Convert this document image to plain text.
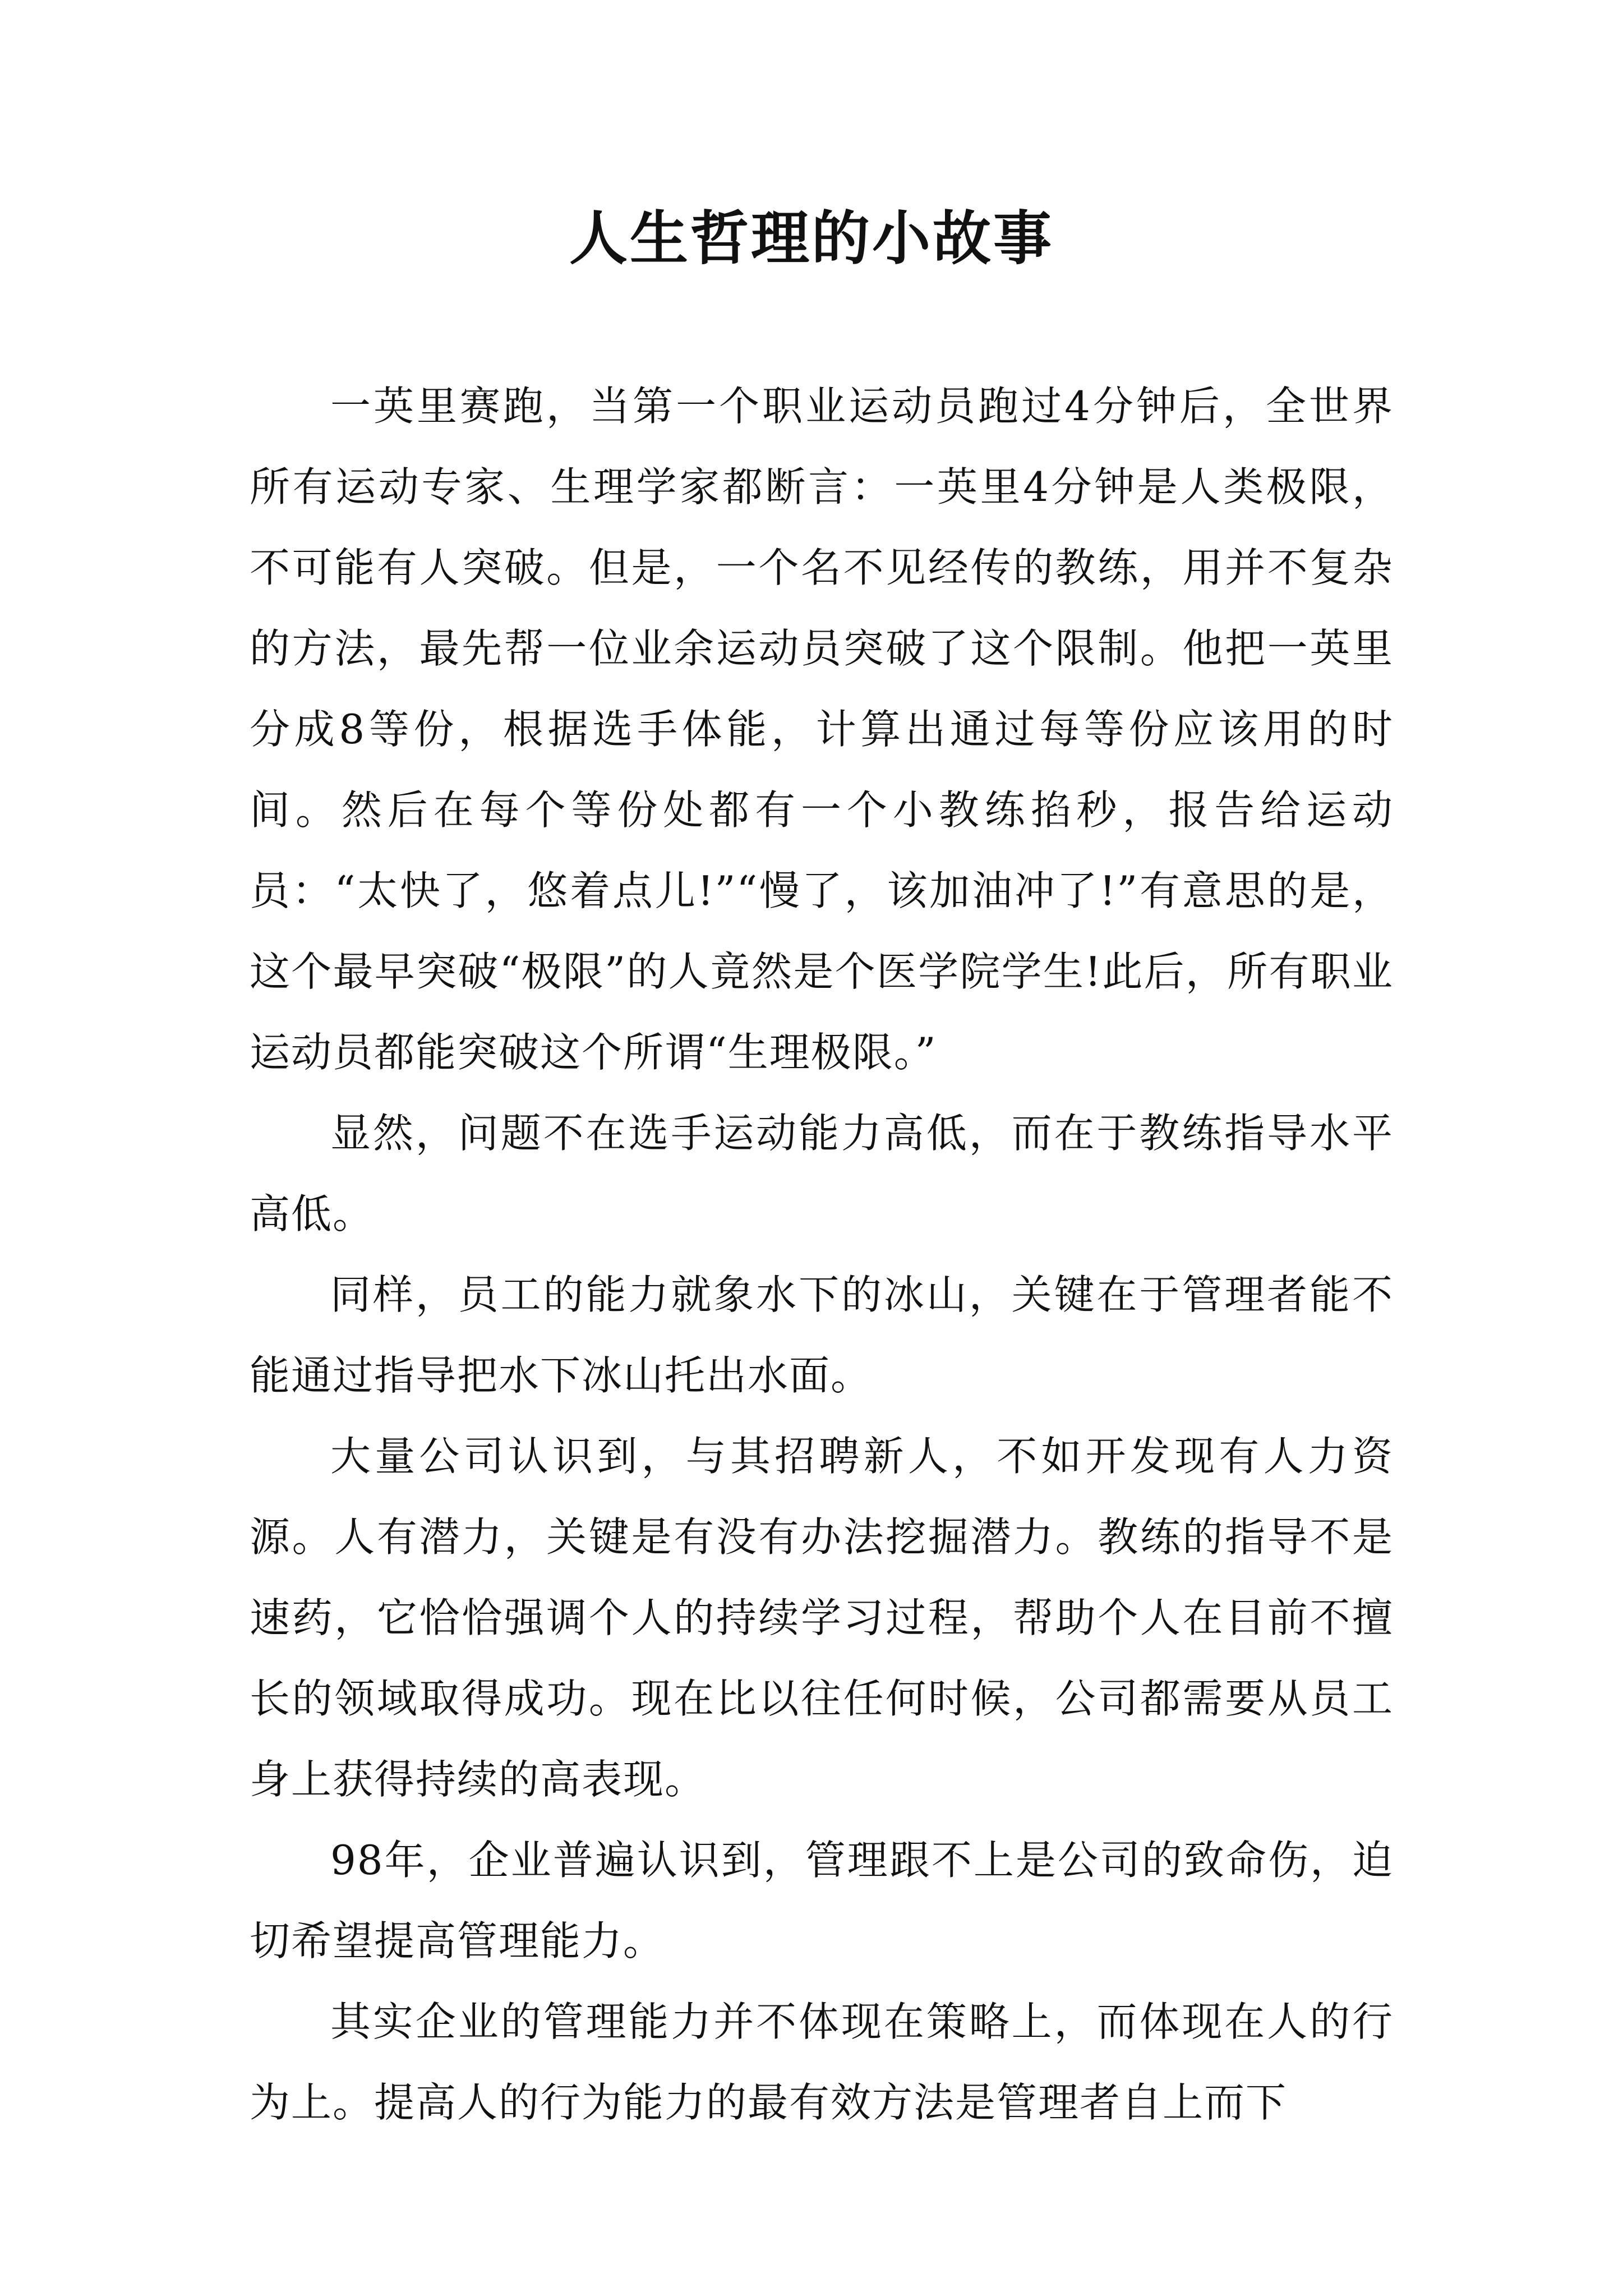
人生哲理的小故事

一英里赛跑，当第一个职业运动员跑过4分钟后，全世界所有运动专家、生理学家都断言：一英里4分钟是人类极限，不可能有人突破。但是，一个名不见经传的教练，用并不复杂的方法，最先帮一位业余运动员突破了这个限制。他把一英里分成8等份，根据选手体能，计算出通过每等份应该用的时间。然后在每个等份处都有一个小教练掐秒，报告给运动员：“太快了，悠着点儿!”“慢了，该加油冲了!”有意思的是，这个最早突破“极限”的人竟然是个医学院学生!此后，所有职业运动员都能突破这个所谓“生理极限。”

显然，问题不在选手运动能力高低，而在于教练指导水平高低。

同样，员工的能力就象水下的冰山，关键在于管理者能不能通过指导把水下冰山托出水面。

大量公司认识到，与其招聘新人，不如开发现有人力资源。人有潜力，关键是有没有办法挖掘潜力。教练的指导不是速药，它恰恰强调个人的持续学习过程，帮助个人在目前不擅长的领域取得成功。现在比以往任何时候，公司都需要从员工身上获得持续的高表现。

98年，企业普遍认识到，管理跟不上是公司的致命伤，迫切希望提高管理能力。

其实企业的管理能力并不体现在策略上，而体现在人的行为上。提高人的行为能力的最有效方法是管理者自上而下
